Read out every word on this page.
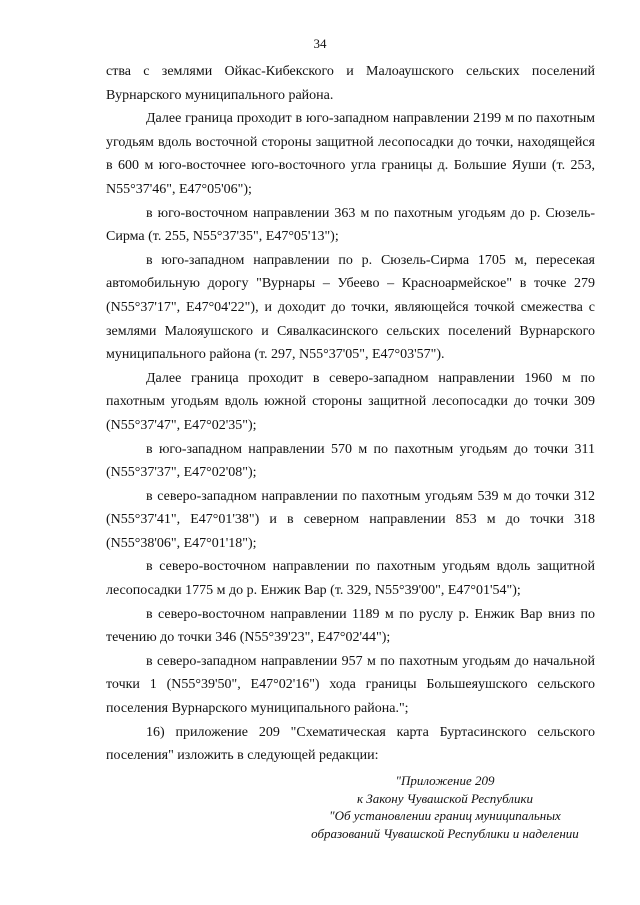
34

ства с землями Ойкас-Кибекского и Малоаушского сельских поселений Вурнарского муниципального района.

Далее граница проходит в юго-западном направлении 2199 м по пахотным угодьям вдоль восточной стороны защитной лесопосадки до точки, находящейся в 600 м юго-восточнее юго-восточного угла границы д. Большие Яуши (т. 253, N55°37'46", E47°05'06");

в юго-восточном направлении 363 м по пахотным угодьям до р. Сюзель-Сирма (т. 255, N55°37'35", E47°05'13");

в юго-западном направлении по р. Сюзель-Сирма 1705 м, пересекая автомобильную дорогу "Вурнары – Убеево – Красноармейское" в точке 279 (N55°37'17", E47°04'22"), и доходит до точки, являющейся точкой смежества с землями Малояушского и Сявалкасинского сельских поселений Вурнарского муниципального района (т. 297, N55°37'05", E47°03'57").

Далее граница проходит в северо-западном направлении 1960 м по пахотным угодьям вдоль южной стороны защитной лесопосадки до точки 309 (N55°37'47", E47°02'35");

в юго-западном направлении 570 м по пахотным угодьям до точки 311 (N55°37'37", E47°02'08");

в северо-западном направлении по пахотным угодьям 539 м до точки 312 (N55°37'41", E47°01'38") и в северном направлении 853 м до точки 318 (N55°38'06", E47°01'18");

в северо-восточном направлении по пахотным угодьям вдоль защитной лесопосадки 1775 м до р. Енжик Вар (т. 329, N55°39'00", E47°01'54");

в северо-восточном направлении 1189 м по руслу р. Енжик Вар вниз по течению до точки 346 (N55°39'23", E47°02'44");

в северо-западном направлении 957 м по пахотным угодьям до начальной точки 1 (N55°39'50", E47°02'16") хода границы Большеяушского сельского поселения Вурнарского муниципального района.";

16) приложение 209 "Схематическая карта Буртасинского сельского поселения" изложить в следующей редакции:

"Приложение 209
к Закону Чувашской Республики
"Об установлении границ муниципальных
образований Чувашской Республики и наделении
